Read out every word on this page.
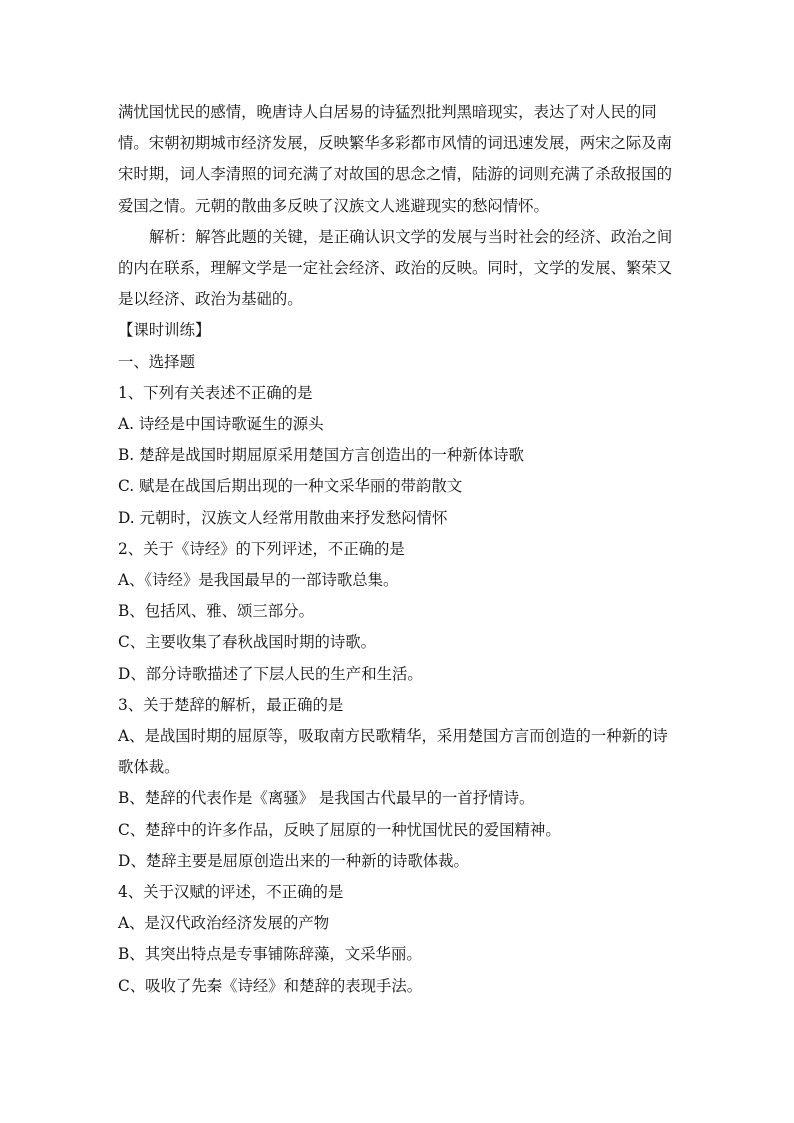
满忧国忧民的感情，晚唐诗人白居易的诗猛烈批判黑暗现实，表达了对人民的同情。宋朝初期城市经济发展，反映繁华多彩都市风情的词迅速发展，两宋之际及南宋时期，词人李清照的词充满了对故国的思念之情，陆游的词则充满了杀敌报国的爱国之情。元朝的散曲多反映了汉族文人逃避现实的愁闷情怀。

解析：解答此题的关键，是正确认识文学的发展与当时社会的经济、政治之间的内在联系，理解文学是一定社会经济、政治的反映。同时，文学的发展、繁荣又是以经济、政治为基础的。

【课时训练】

一、选择题

1、下列有关表述不正确的是

A. 诗经是中国诗歌诞生的源头

B. 楚辞是战国时期屈原采用楚国方言创造出的一种新体诗歌

C. 赋是在战国后期出现的一种文采华丽的带韵散文

D. 元朝时，汉族文人经常用散曲来抒发愁闷情怀

2、关于《诗经》的下列评述，不正确的是

A、《诗经》是我国最早的一部诗歌总集。

B、包括风、雅、颂三部分。

C、主要收集了春秋战国时期的诗歌。

D、部分诗歌描述了下层人民的生产和生活。

3、关于楚辞的解析，最正确的是

A、是战国时期的屈原等，吸取南方民歌精华，采用楚国方言而创造的一种新的诗歌体裁。

B、楚辞的代表作是《离骚》 是我国古代最早的一首抒情诗。

C、楚辞中的许多作品，反映了屈原的一种忧国忧民的爱国精神。

D、楚辞主要是屈原创造出来的一种新的诗歌体裁。

4、关于汉赋的评述，不正确的是

A、是汉代政治经济发展的产物

B、其突出特点是专事铺陈辞藻，文采华丽。

C、吸收了先秦《诗经》和楚辞的表现手法。
